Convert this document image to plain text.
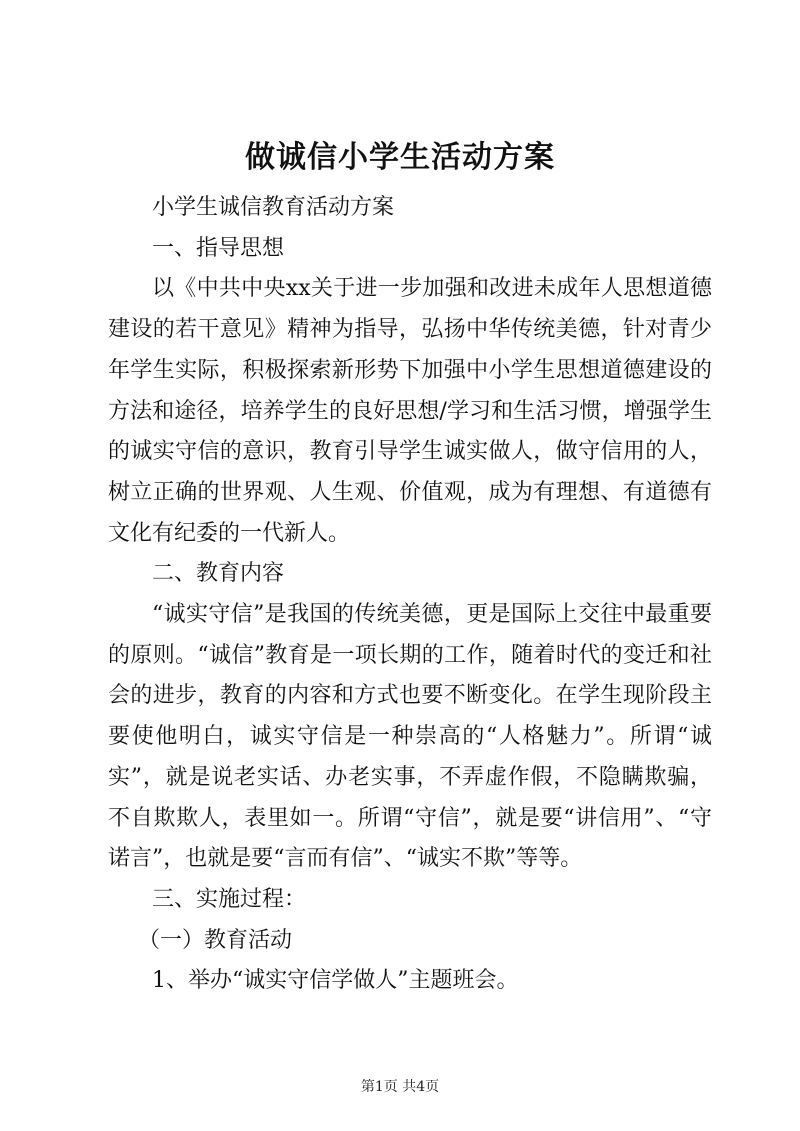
做诚信小学生活动方案

小学生诚信教育活动方案

一、指导思想

以《中共中央xx关于进一步加强和改进未成年人思想道德建设的若干意见》精神为指导，弘扬中华传统美德，针对青少年学生实际，积极探索新形势下加强中小学生思想道德建设的方法和途径，培养学生的良好思想/学习和生活习惯，增强学生的诚实守信的意识，教育引导学生诚实做人，做守信用的人，树立正确的世界观、人生观、价值观，成为有理想、有道德有文化有纪委的一代新人。

二、教育内容

“诚实守信”是我国的传统美德，更是国际上交往中最重要的原则。“诚信”教育是一项长期的工作，随着时代的变迁和社会的进步，教育的内容和方式也要不断变化。在学生现阶段主要使他明白，诚实守信是一种崇高的“人格魅力”。所谓“诚实”，就是说老实话、办老实事，不弄虚作假，不隐瞒欺骗，不自欺欺人，表里如一。所谓“守信”，就是要“讲信用”、“守诺言”，也就是要“言而有信”、“诚实不欺”等等。

三、实施过程：

（一）教育活动

1、举办“诚实守信学做人”主题班会。

第1页 共4页
